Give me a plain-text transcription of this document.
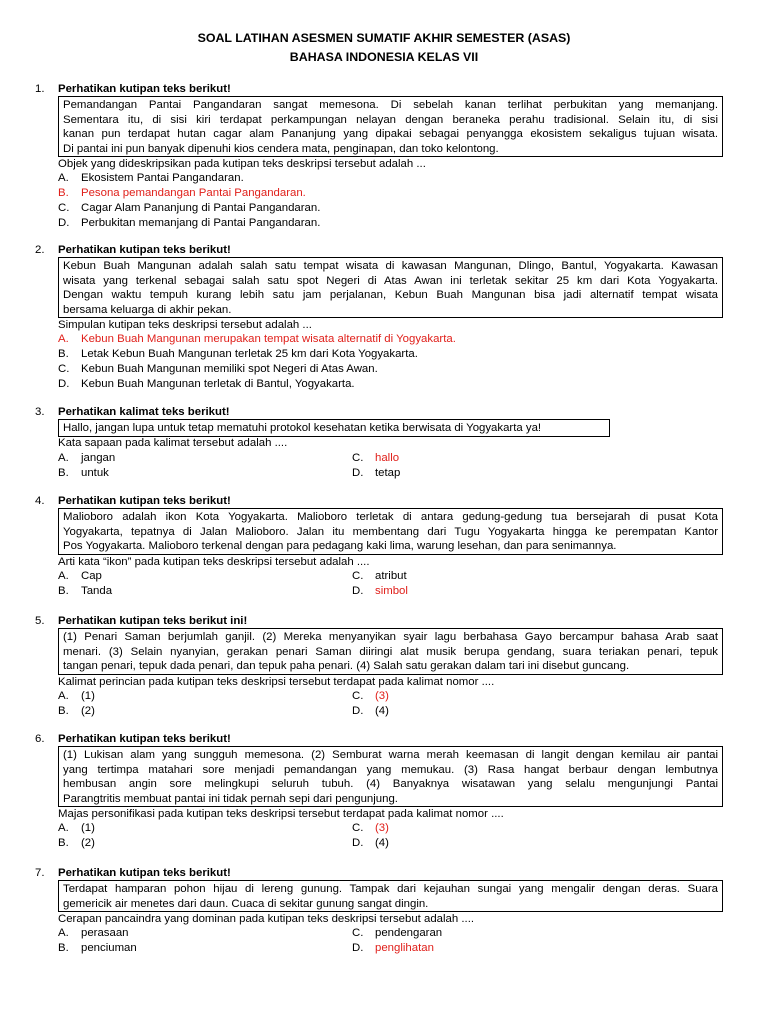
SOAL LATIHAN ASESMEN SUMATIF AKHIR SEMESTER (ASAS)
BAHASA INDONESIA KELAS VII
1. Perhatikan kutipan teks berikut!
Pemandangan Pantai Pangandaran sangat memesona. Di sebelah kanan terlihat perbukitan yang memanjang.
Sementara itu, di sisi kiri terdapat perkampungan nelayan dengan beraneka perahu tradisional. Selain itu, di sisi
kanan pun terdapat hutan cagar alam Pananjung yang dipakai sebagai penyangga ekosistem sekaligus tujuan wisata.
Di pantai ini pun banyak dipenuhi kios cendera mata, penginapan, dan toko kelontong.
Objek yang dideskripsikan pada kutipan teks deskripsi tersebut adalah ...
A. Ekosistem Pantai Pangandaran.
B. Pesona pemandangan Pantai Pangandaran.
C. Cagar Alam Pananjung di Pantai Pangandaran.
D. Perbukitan memanjang di Pantai Pangandaran.
2. Perhatikan kutipan teks berikut!
Kebun Buah Mangunan adalah salah satu tempat wisata di kawasan Mangunan, Dlingo, Bantul, Yogyakarta. Kawasan
wisata yang terkenal sebagai salah satu spot Negeri di Atas Awan ini terletak sekitar 25 km dari Kota Yogyakarta.
Dengan waktu tempuh kurang lebih satu jam perjalanan, Kebun Buah Mangunan bisa jadi alternatif tempat wisata
bersama keluarga di akhir pekan.
Simpulan kutipan teks deskripsi tersebut adalah ...
A. Kebun Buah Mangunan merupakan tempat wisata alternatif di Yogyakarta.
B. Letak Kebun Buah Mangunan terletak 25 km dari Kota Yogyakarta.
C. Kebun Buah Mangunan memiliki spot Negeri di Atas Awan.
D. Kebun Buah Mangunan terletak di Bantul, Yogyakarta.
3. Perhatikan kalimat teks berikut!
Hallo, jangan lupa untuk tetap mematuhi protokol kesehatan ketika berwisata di Yogyakarta ya!
Kata sapaan pada kalimat tersebut adalah ....
A. jangan
B. untuk
C. hallo
D. tetap
4. Perhatikan kutipan teks berikut!
Malioboro adalah ikon Kota Yogyakarta. Malioboro terletak di antara gedung-gedung tua bersejarah di pusat Kota
Yogyakarta, tepatnya di Jalan Malioboro. Jalan itu membentang dari Tugu Yogyakarta hingga ke perempatan Kantor
Pos Yogyakarta. Malioboro terkenal dengan para pedagang kaki lima, warung lesehan, dan para senimannya.
Arti kata “ikon” pada kutipan teks deskripsi tersebut adalah ....
A. Cap
B. Tanda
C. atribut
D. simbol
5. Perhatikan kutipan teks berikut ini!
(1) Penari Saman berjumlah ganjil. (2) Mereka menyanyikan syair lagu berbahasa Gayo bercampur bahasa Arab saat
menari. (3) Selain nyanyian, gerakan penari Saman diiringi alat musik berupa gendang, suara teriakan penari, tepuk
tangan penari, tepuk dada penari, dan tepuk paha penari. (4) Salah satu gerakan dalam tari ini disebut guncang.
Kalimat perincian pada kutipan teks deskripsi tersebut terdapat pada kalimat nomor ....
A. (1)
B. (2)
C. (3)
D. (4)
6. Perhatikan kutipan teks berikut!
(1) Lukisan alam yang sungguh memesona. (2) Semburat warna merah keemasan di langit dengan kemilau air pantai
yang tertimpa matahari sore menjadi pemandangan yang memukau. (3) Rasa hangat berbaur dengan lembutnya
hembusan angin sore melingkupi seluruh tubuh. (4) Banyaknya wisatawan yang selalu mengunjungi Pantai
Parangtritis membuat pantai ini tidak pernah sepi dari pengunjung.
Majas personifikasi pada kutipan teks deskripsi tersebut terdapat pada kalimat nomor ....
A. (1)
B. (2)
C. (3)
D. (4)
7. Perhatikan kutipan teks berikut!
Terdapat hamparan pohon hijau di lereng gunung. Tampak dari kejauhan sungai yang mengalir dengan deras. Suara
gemericik air menetes dari daun. Cuaca di sekitar gunung sangat dingin.
Cerapan pancaindra yang dominan pada kutipan teks deskripsi tersebut adalah ....
A. perasaan
B. penciuman
C. pendengaran
D. penglihatan
